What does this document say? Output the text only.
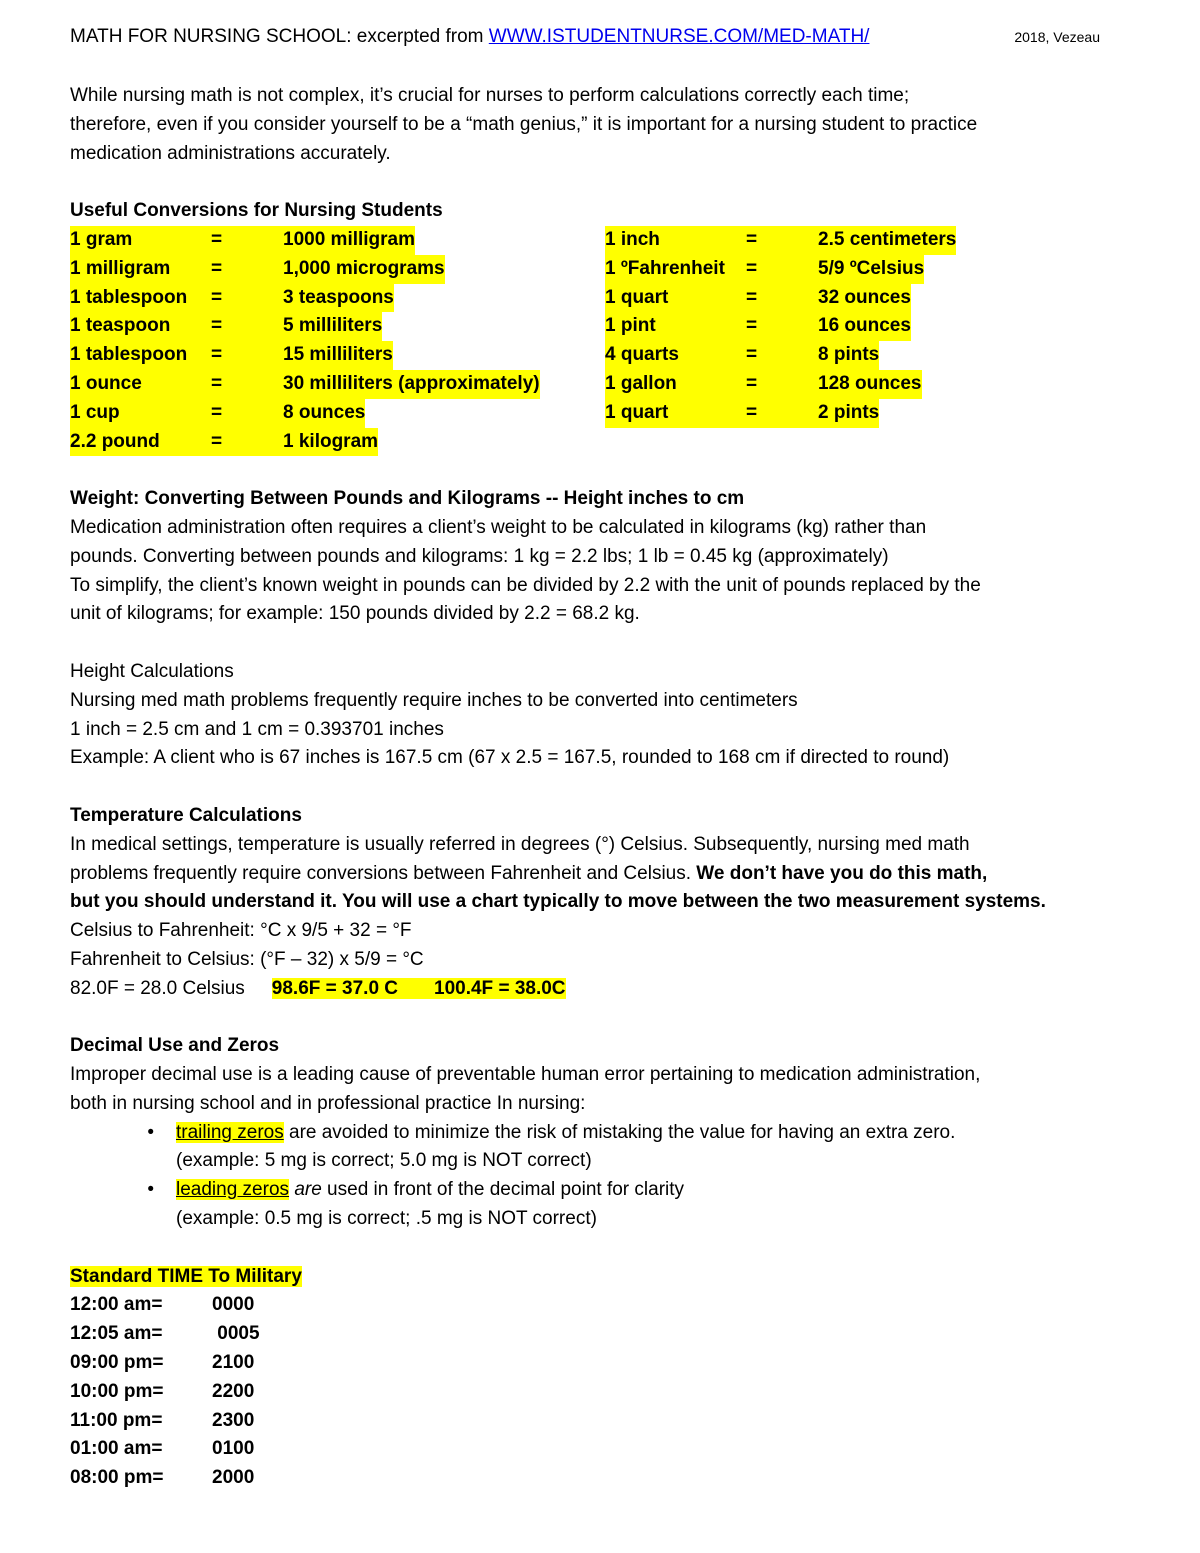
MATH FOR NURSING SCHOOL: excerpted from WWW.ISTUDENTNURSE.COM/MED-MATH/	2018, Vezeau
While nursing math is not complex, it’s crucial for nurses to perform calculations correctly each time;
therefore, even if you consider yourself to be a “math genius,” it is important for a nursing student to practice
medication administrations accurately.
Useful Conversions for Nursing Students
1 gram	=	1000 milligram
1 milligram	=	1,000 micrograms
1 tablespoon	=	3 teaspoons
1 teaspoon	=	5 milliliters
1 tablespoon	=	15 milliliters
1 ounce	=	30 milliliters (approximately)
1 cup	=	8 ounces
2.2 pound	=	1 kilogram
1 inch	=	2.5 centimeters
1 ºFahrenheit	=	5/9 ºCelsius
1 quart	=	32 ounces
1 pint	=	16 ounces
4 quarts	=	8 pints
1 gallon	=	128 ounces
1 quart	=	2 pints
Weight: Converting Between Pounds and Kilograms -- Height inches to cm
Medication administration often requires a client’s weight to be calculated in kilograms (kg) rather than
pounds. Converting between pounds and kilograms: 1 kg = 2.2 lbs; 1 lb = 0.45 kg (approximately)
To simplify, the client’s known weight in pounds can be divided by 2.2 with the unit of pounds replaced by the
unit of kilograms; for example: 150 pounds divided by 2.2 = 68.2 kg.
Height Calculations
Nursing med math problems frequently require inches to be converted into centimeters
1 inch = 2.5 cm and 1 cm = 0.393701 inches
Example: A client who is 67 inches is 167.5 cm (67 x 2.5 = 167.5, rounded to 168 cm if directed to round)
Temperature Calculations
In medical settings, temperature is usually referred in degrees (°) Celsius. Subsequently, nursing med math
problems frequently require conversions between Fahrenheit and Celsius. We don’t have you do this math,
but you should understand it. You will use a chart typically to move between the two measurement systems.
Celsius to Fahrenheit: °C x 9/5 + 32 = °F
Fahrenheit to Celsius: (°F – 32) x 5/9 = °C
82.0F = 28.0 Celsius 98.6F = 37.0 C 100.4F = 38.0C
Decimal Use and Zeros
Improper decimal use is a leading cause of preventable human error pertaining to medication administration,
both in nursing school and in professional practice In nursing:
•	trailing zeros are avoided to minimize the risk of mistaking the value for having an extra zero.
(example: 5 mg is correct; 5.0 mg is NOT correct)
•	leading zeros are used in front of the decimal point for clarity
(example: 0.5 mg is correct; .5 mg is NOT correct)
Standard TIME To Military
12:00 am=	0000
12:05 am=	0005
09:00 pm=	2100
10:00 pm=	2200
11:00 pm=	2300
01:00 am=	0100
08:00 pm=	2000
